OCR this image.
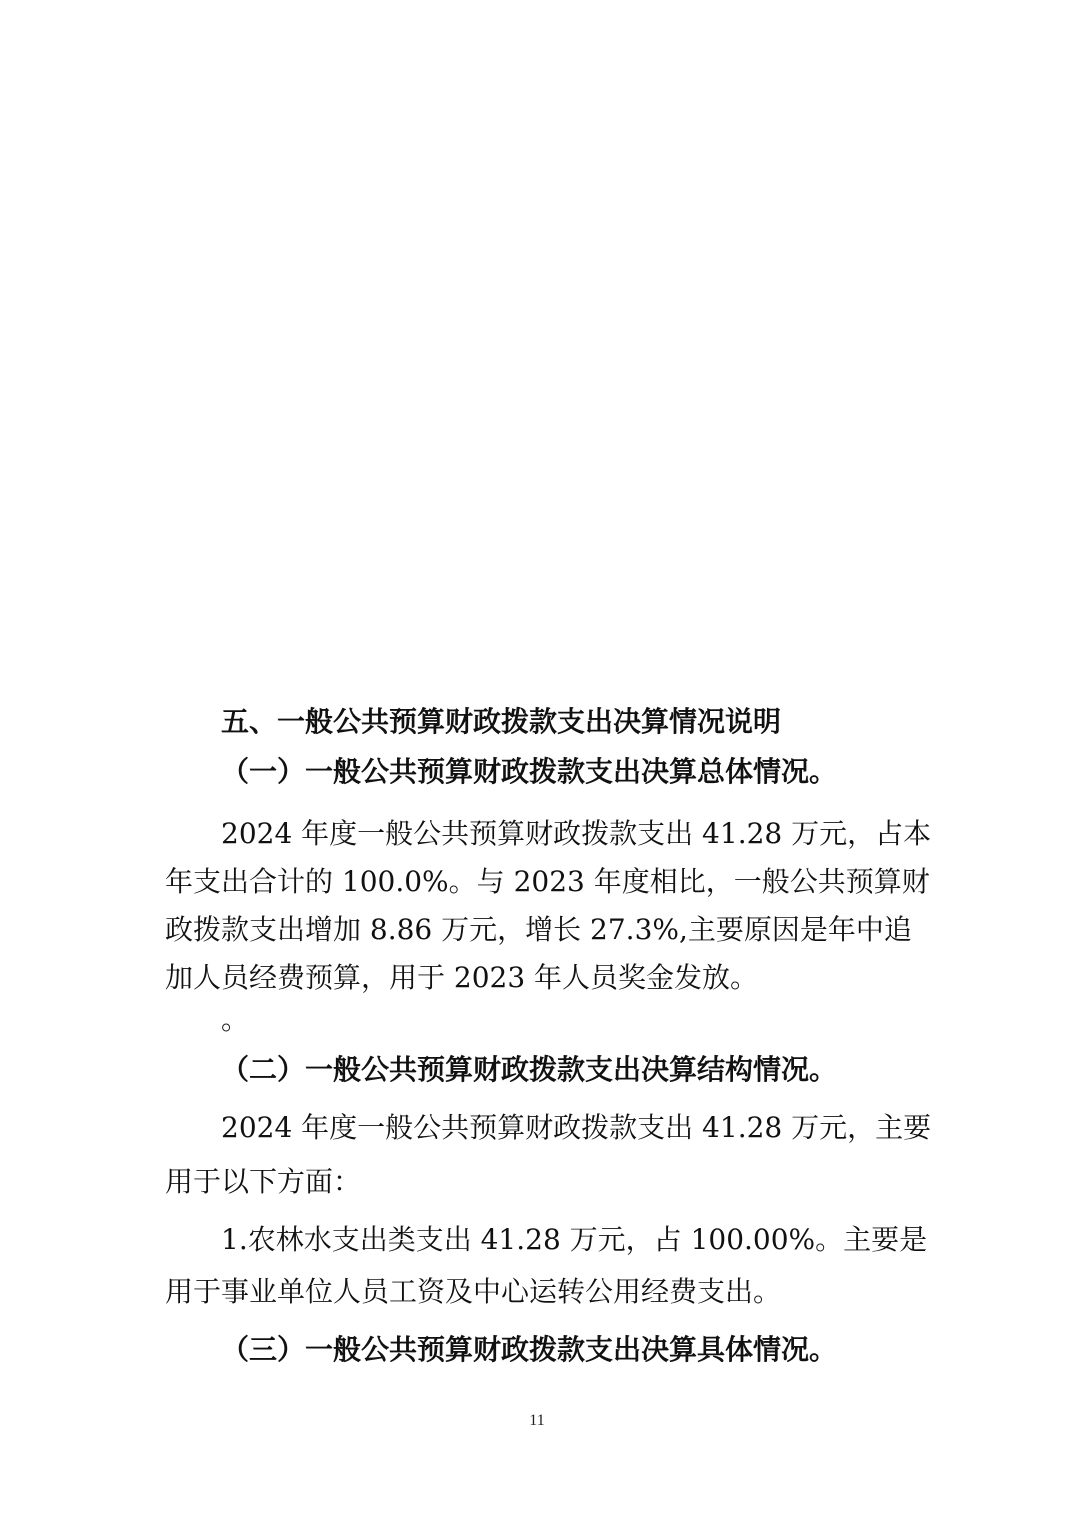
五、一般公共预算财政拨款支出决算情况说明
（一）一般公共预算财政拨款支出决算总体情况。
2024 年度一般公共预算财政拨款支出 41.28 万元，占本
年支出合计的 100.0%。与 2023 年度相比，一般公共预算财
政拨款支出增加 8.86 万元，增长 27.3%,主要原因是年中追
加人员经费预算，用于 2023 年人员奖金发放。
。
（二）一般公共预算财政拨款支出决算结构情况。
2024 年度一般公共预算财政拨款支出 41.28 万元，主要
用于以下方面：
1.农林水支出类支出 41.28 万元，占 100.00%。主要是
用于事业单位人员工资及中心运转公用经费支出。
（三）一般公共预算财政拨款支出决算具体情况。
11
